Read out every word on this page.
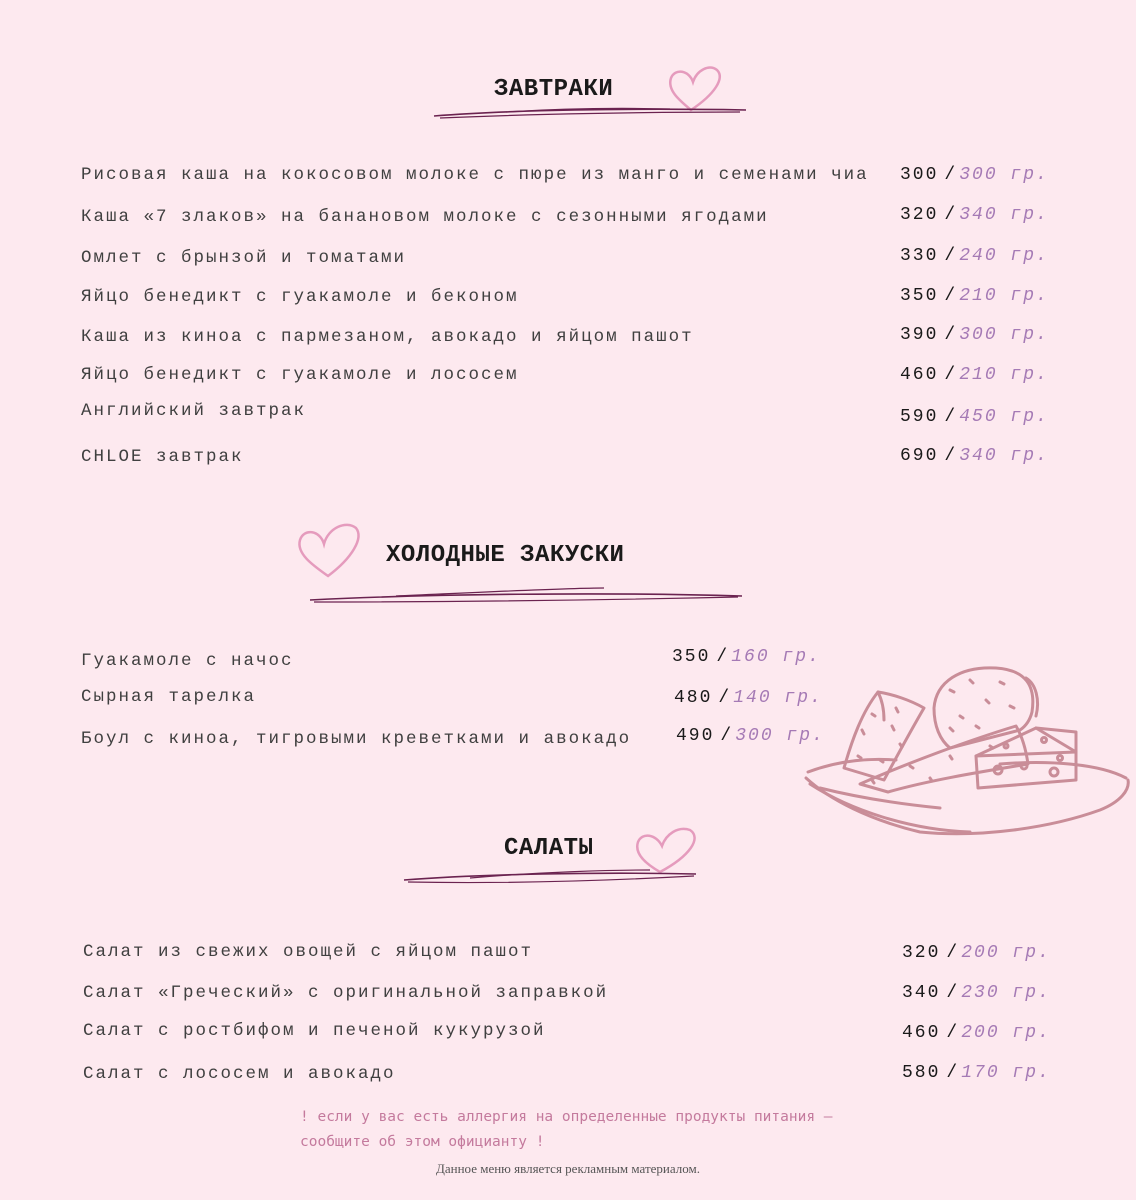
ЗАВТРАКИ
Рисовая каша на кокосовом молоке с пюре из манго и семенами чиа 300 / 300 гр.
Каша «7 злаков» на банановом молоке с сезонными ягодами	320 / 340 гр.
Омлет с брынзой и томатами	330 / 240 гр.
Яйцо бенедикт с гуакамоле и беконом	350 / 210 гр.
Каша из киноа с пармезаном, авокадо и яйцом пашот	390 / 300 гр.
Яйцо бенедикт с гуакамоле и лососем	460 / 210 гр.
Английский завтрак	590 / 450 гр.
CHLOE завтрак	690 / 340 гр.
ХОЛОДНЫЕ ЗАКУСКИ
Гуакамоле с начос	350 / 160 гр.
Сырная тарелка	480 / 140 гр.
Боул с киноа, тигровыми креветками и авокадо 490 / 300 гр.
САЛАТЫ
Салат из свежих овощей с яйцом пашот	320 / 200 гр.
Салат «Греческий» с оригинальной заправкой	340 / 230 гр.
Салат с ростбифом и печеной кукурузой	460 / 200 гр.
Салат с лососем и авокадо	580 / 170 гр.
! если у вас есть аллергия на определенные продукты питания —
сообщите об этом официанту !
Данное меню является рекламным материалом.
